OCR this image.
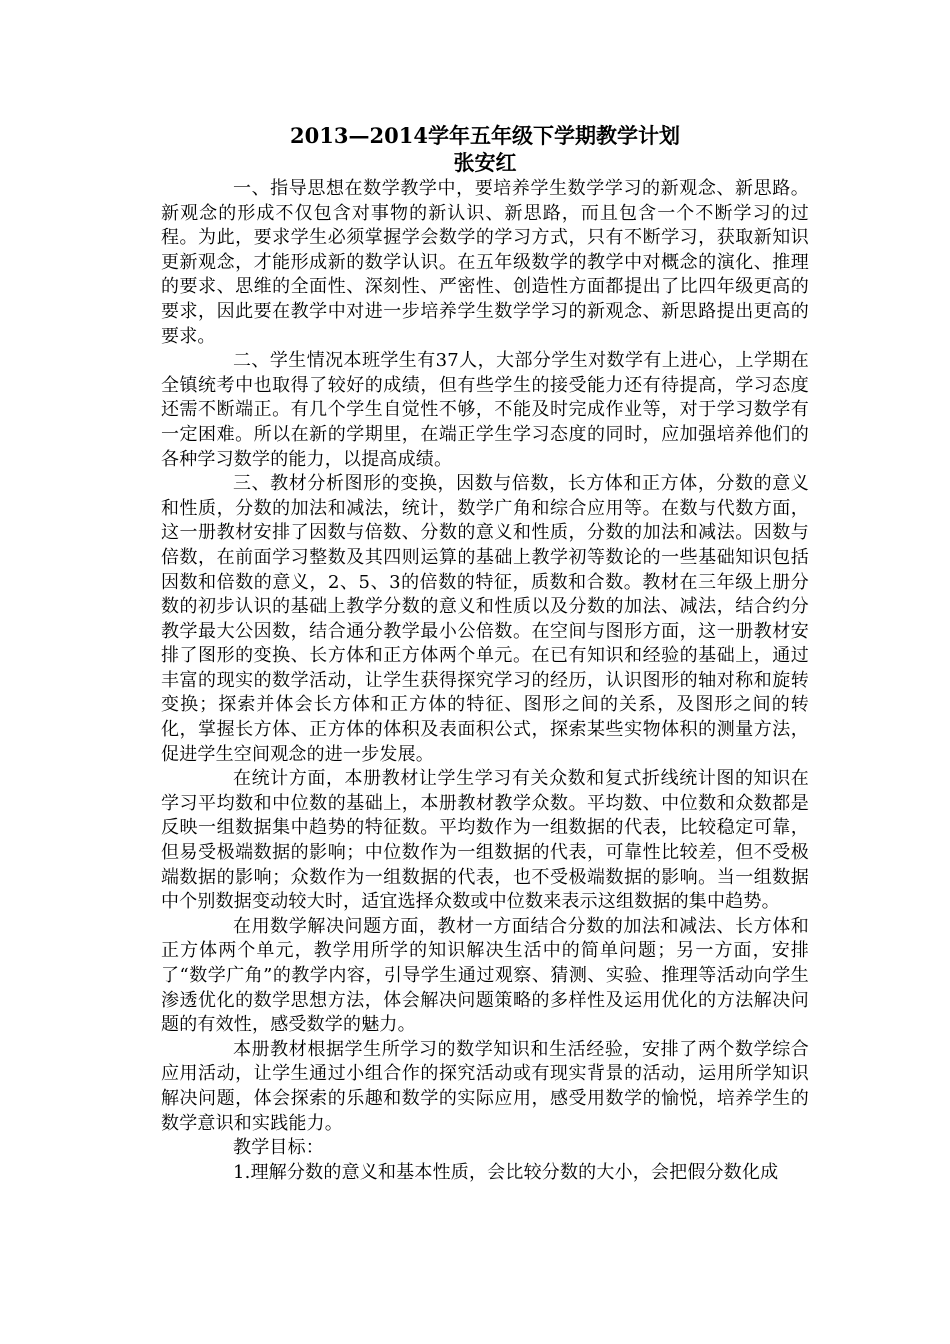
2013—2014学年五年级下学期教学计划
张安红

一、指导思想在数学教学中，要培养学生数学学习的新观念、新思路。新观念的形成不仅包含对事物的新认识、新思路，而且包含一个不断学习的过程。为此，要求学生必须掌握学会数学的学习方式，只有不断学习，获取新知识更新观念，才能形成新的数学认识。在五年级数学的教学中对概念的演化、推理的要求、思维的全面性、深刻性、严密性、创造性方面都提出了比四年级更高的要求，因此要在教学中对进一步培养学生数学学习的新观念、新思路提出更高的要求。

二、学生情况本班学生有37人，大部分学生对数学有上进心，上学期在全镇统考中也取得了较好的成绩，但有些学生的接受能力还有待提高，学习态度还需不断端正。有几个学生自觉性不够，不能及时完成作业等，对于学习数学有一定困难。所以在新的学期里，在端正学生学习态度的同时，应加强培养他们的各种学习数学的能力，以提高成绩。

三、教材分析图形的变换，因数与倍数，长方体和正方体，分数的意义和性质，分数的加法和减法，统计，数学广角和综合应用等。在数与代数方面，这一册教材安排了因数与倍数、分数的意义和性质，分数的加法和减法。因数与倍数，在前面学习整数及其四则运算的基础上教学初等数论的一些基础知识包括因数和倍数的意义，2、5、3的倍数的特征，质数和合数。教材在三年级上册分数的初步认识的基础上教学分数的意义和性质以及分数的加法、减法，结合约分教学最大公因数，结合通分教学最小公倍数。在空间与图形方面，这一册教材安排了图形的变换、长方体和正方体两个单元。在已有知识和经验的基础上，通过丰富的现实的数学活动，让学生获得探究学习的经历，认识图形的轴对称和旋转变换；探索并体会长方体和正方体的特征、图形之间的关系，及图形之间的转化，掌握长方体、正方体的体积及表面积公式，探索某些实物体积的测量方法，促进学生空间观念的进一步发展。

在统计方面，本册教材让学生学习有关众数和复式折线统计图的知识在学习平均数和中位数的基础上，本册教材教学众数。平均数、中位数和众数都是反映一组数据集中趋势的特征数。平均数作为一组数据的代表，比较稳定可靠，但易受极端数据的影响；中位数作为一组数据的代表，可靠性比较差，但不受极端数据的影响；众数作为一组数据的代表，也不受极端数据的影响。当一组数据中个别数据变动较大时，适宜选择众数或中位数来表示这组数据的集中趋势。

在用数学解决问题方面，教材一方面结合分数的加法和减法、长方体和正方体两个单元，教学用所学的知识解决生活中的简单问题；另一方面，安排了“数学广角”的教学内容，引导学生通过观察、猜测、实验、推理等活动向学生渗透优化的数学思想方法，体会解决问题策略的多样性及运用优化的方法解决问题的有效性，感受数学的魅力。

本册教材根据学生所学习的数学知识和生活经验，安排了两个数学综合应用活动，让学生通过小组合作的探究活动或有现实背景的活动，运用所学知识解决问题，体会探索的乐趣和数学的实际应用，感受用数学的愉悦，培养学生的数学意识和实践能力。

教学目标：

1.理解分数的意义和基本性质，会比较分数的大小，会把假分数化成
